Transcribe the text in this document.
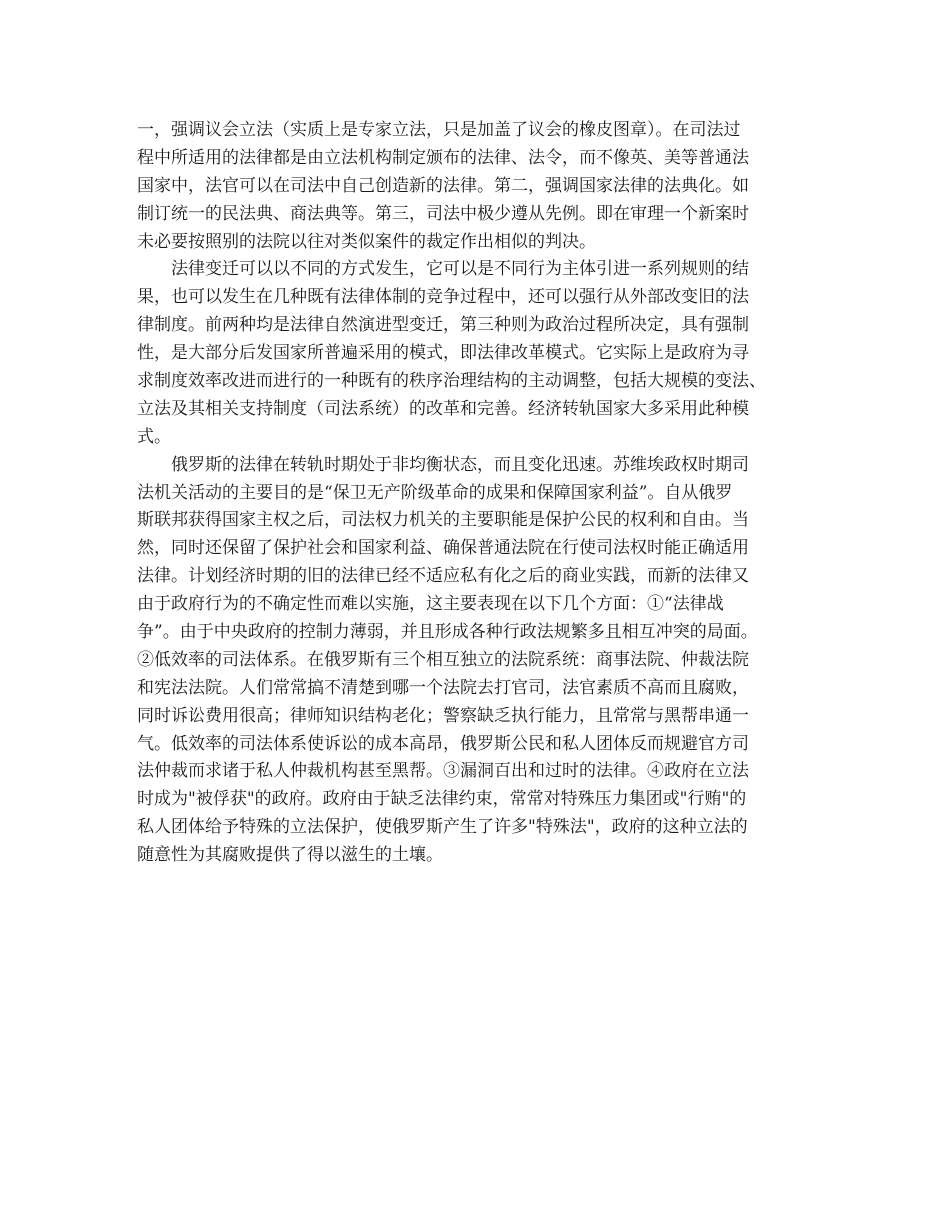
一，强调议会立法（实质上是专家立法，只是加盖了议会的橡皮图章）。在司法过
程中所适用的法律都是由立法机构制定颁布的法律、法令，而不像英、美等普通法
国家中，法官可以在司法中自己创造新的法律。第二，强调国家法律的法典化。如
制订统一的民法典、商法典等。第三，司法中极少遵从先例。即在审理一个新案时
未必要按照别的法院以往对类似案件的裁定作出相似的判决。
　　法律变迁可以以不同的方式发生，它可以是不同行为主体引进一系列规则的结
果，也可以发生在几种既有法律体制的竞争过程中，还可以强行从外部改变旧的法
律制度。前两种均是法律自然演进型变迁，第三种则为政治过程所决定，具有强制
性，是大部分后发国家所普遍采用的模式，即法律改革模式。它实际上是政府为寻
求制度效率改进而进行的一种既有的秩序治理结构的主动调整，包括大规模的变法、
立法及其相关支持制度（司法系统）的改革和完善。经济转轨国家大多采用此种模
式。
　　俄罗斯的法律在转轨时期处于非均衡状态，而且变化迅速。苏维埃政权时期司
法机关活动的主要目的是“保卫无产阶级革命的成果和保障国家利益”。自从俄罗
斯联邦获得国家主权之后，司法权力机关的主要职能是保护公民的权利和自由。当
然，同时还保留了保护社会和国家利益、确保普通法院在行使司法权时能正确适用
法律。计划经济时期的旧的法律已经不适应私有化之后的商业实践，而新的法律又
由于政府行为的不确定性而难以实施，这主要表现在以下几个方面：①“法律战
争”。由于中央政府的控制力薄弱，并且形成各种行政法规繁多且相互冲突的局面。
②低效率的司法体系。在俄罗斯有三个相互独立的法院系统：商事法院、仲裁法院
和宪法法院。人们常常搞不清楚到哪一个法院去打官司，法官素质不高而且腐败，
同时诉讼费用很高；律师知识结构老化；警察缺乏执行能力，且常常与黑帮串通一
气。低效率的司法体系使诉讼的成本高昂，俄罗斯公民和私人团体反而规避官方司
法仲裁而求诸于私人仲裁机构甚至黑帮。③漏洞百出和过时的法律。④政府在立法
时成为"被俘获"的政府。政府由于缺乏法律约束，常常对特殊压力集团或"行贿"的
私人团体给予特殊的立法保护，使俄罗斯产生了许多"特殊法"，政府的这种立法的
随意性为其腐败提供了得以滋生的土壤。
